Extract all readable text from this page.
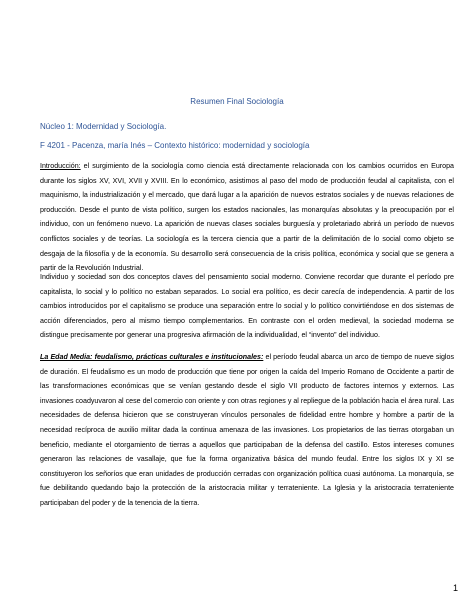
Resumen Final Sociología

Núcleo 1: Modernidad y Sociología.

F 4201 - Pacenza, maría Inés – Contexto histórico: modernidad y sociología

Introducción: el surgimiento de la sociología como ciencia está directamente relacionada con los cambios ocurridos en Europa durante los siglos XV, XVI, XVII y XVIII. En lo económico, asistimos al paso del modo de producción feudal al capitalista, con el maquinismo, la industrialización y el mercado, que dará lugar a la aparición de nuevos estratos sociales y de nuevas relaciones de producción. Desde el punto de vista político, surgen los estados nacionales, las monarquías absolutas y la preocupación por el individuo, con un fenómeno nuevo. La aparición de nuevas clases sociales burguesía y proletariado abrirá un período de nuevos conflictos sociales y de teorías. La sociología es la tercera ciencia que a partir de la delimitación de lo social como objeto se desgaja de la filosofía y de la economía. Su desarrollo será consecuencia de la crisis política, económica y social que se genera a partir de la Revolución Industrial.

Individuo y sociedad son dos conceptos claves del pensamiento social moderno. Conviene recordar que durante el período pre capitalista, lo social y lo político no estaban separados. Lo social era político, es decir carecía de independencia. A partir de los cambios introducidos por el capitalismo se produce una separación entre lo social y lo político convirtiéndose en dos sistemas de acción diferenciados, pero al mismo tiempo complementarios. En contraste con el orden medieval, la sociedad moderna se distingue precisamente por generar una progresiva afirmación de la individualidad, el “invento” del individuo.

La Edad Media: feudalismo, prácticas culturales e institucionales: el período feudal abarca un arco de tiempo de nueve siglos de duración. El feudalismo es un modo de producción que tiene por origen la caída del Imperio Romano de Occidente a partir de las transformaciones económicas que se venían gestando desde el siglo VII producto de factores internos y externos. Las invasiones coadyuvaron al cese del comercio con oriente y con otras regiones y al repliegue de la población hacia el área rural. Las necesidades de defensa hicieron que se construyeran vínculos personales de fidelidad entre hombre y hombre a partir de la necesidad recíproca de auxilio militar dada la continua amenaza de las invasiones. Los propietarios de las tierras otorgaban un beneficio, mediante el otorgamiento de tierras a aquellos que participaban de la defensa del castillo. Estos intereses comunes generaron las relaciones de vasallaje, que fue la forma organizativa básica del mundo feudal. Entre los siglos IX y XI se constituyeron los señoríos que eran unidades de producción cerradas con organización política cuasi autónoma. La monarquía, se fue debilitando quedando bajo la protección de la aristocracia militar y terrateniente. La Iglesia y la aristocracia terrateniente participaban del poder y de la tenencia de la tierra.

1
